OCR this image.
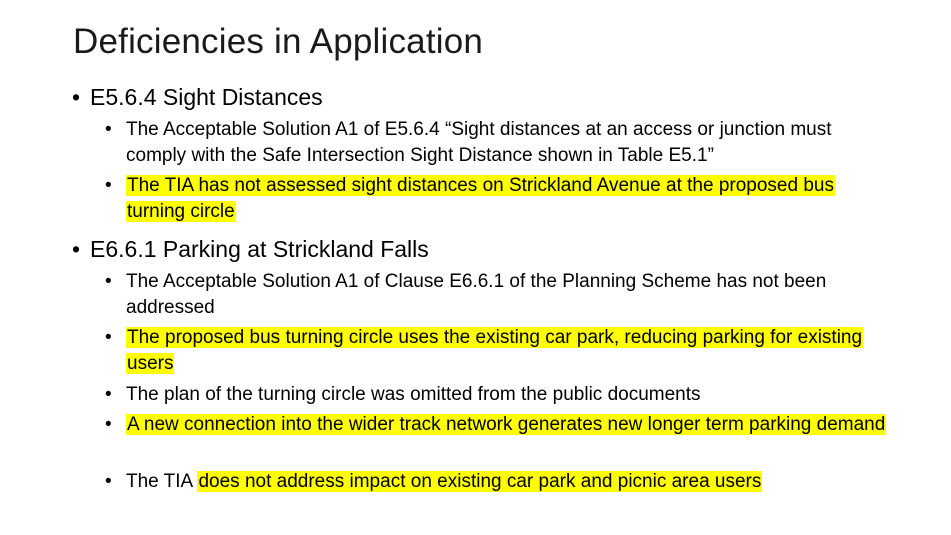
Deficiencies in Application
• E5.6.4 Sight Distances
• The Acceptable Solution A1 of E5.6.4 “Sight distances at an access or junction must comply with the Safe Intersection Sight Distance shown in Table E5.1”
• The TIA has not assessed sight distances on Strickland Avenue at the proposed bus turning circle
• E6.6.1 Parking at Strickland Falls
• The Acceptable Solution A1 of Clause E6.6.1 of the Planning Scheme has not been addressed
• The proposed bus turning circle uses the existing car park, reducing parking for existing users
• The plan of the turning circle was omitted from the public documents
• A new connection into the wider track network generates new longer term parking demand
• The TIA does not address impact on existing car park and picnic area users
